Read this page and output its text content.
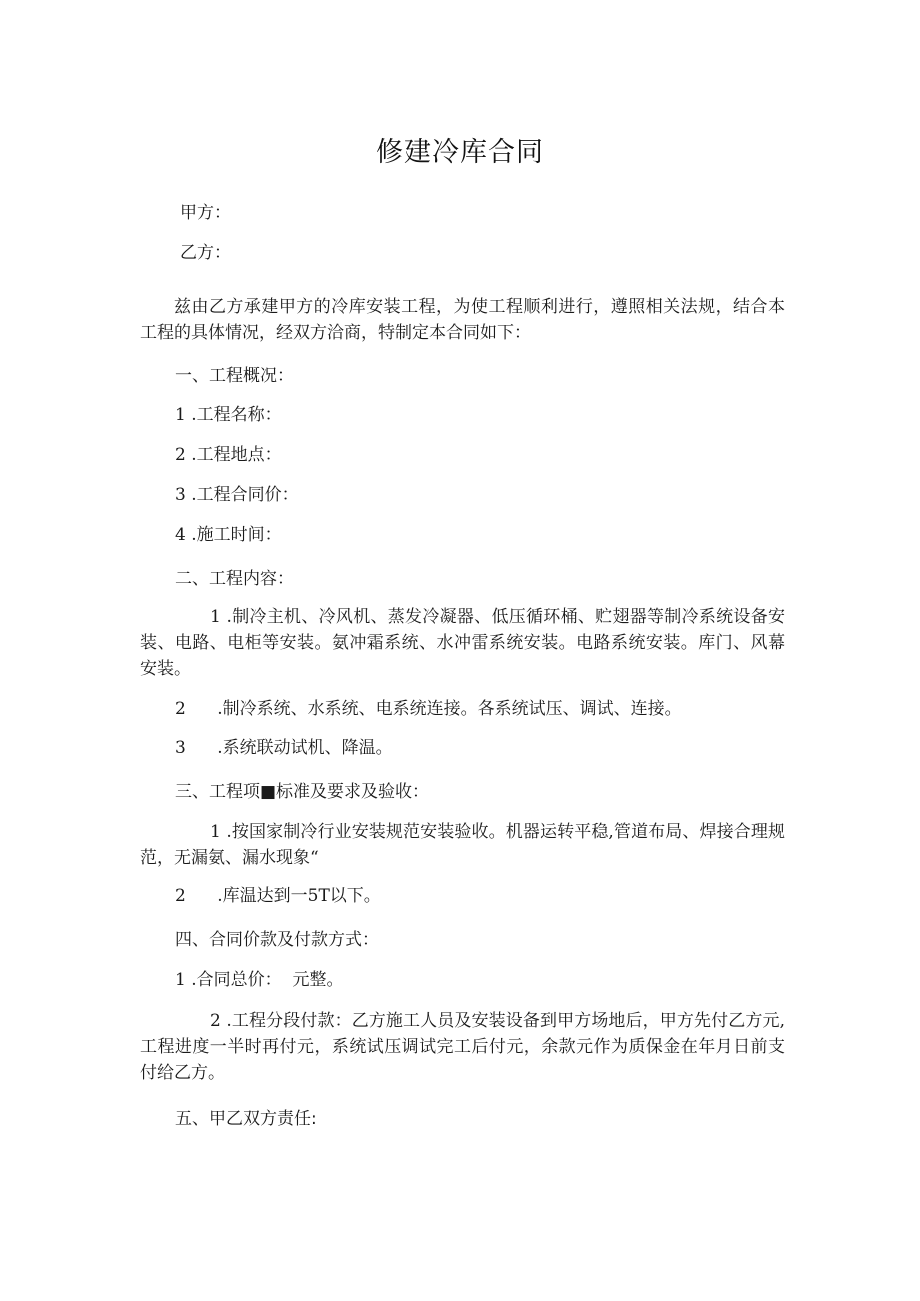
修建冷库合同
甲方：
乙方：
兹由乙方承建甲方的冷库安装工程，为使工程顺利进行，遵照相关法规，结合本工程的具体情况，经双方洽商，特制定本合同如下：
一、工程概况：
1 .工程名称：
2 .工程地点：
3 .工程合同价：
4 .施工时间：
二、工程内容：
1 .制冷主机、冷风机、蒸发冷凝器、低压循环桶、贮翅器等制冷系统设备安装、电路、电柜等安装。氨冲霜系统、水冲雷系统安装。电路系统安装。库门、风幕安装。
2 .制冷系统、水系统、电系统连接。各系统试压、调试、连接。
3 .系统联动试机、降温。
三、工程项■标准及要求及验收：
1 .按国家制冷行业安装规范安装验收。机器运转平稳,管道布局、焊接合理规范，无漏氨、漏水现象“
2 .库温达到一5T以下。
四、合同价款及付款方式：
1 .合同总价：  元整。
2 .工程分段付款：乙方施工人员及安装设备到甲方场地后，甲方先付乙方元,工程进度一半时再付元，系统试压调试完工后付元，余款元作为质保金在年月日前支付给乙方。
五、甲乙双方责任:
